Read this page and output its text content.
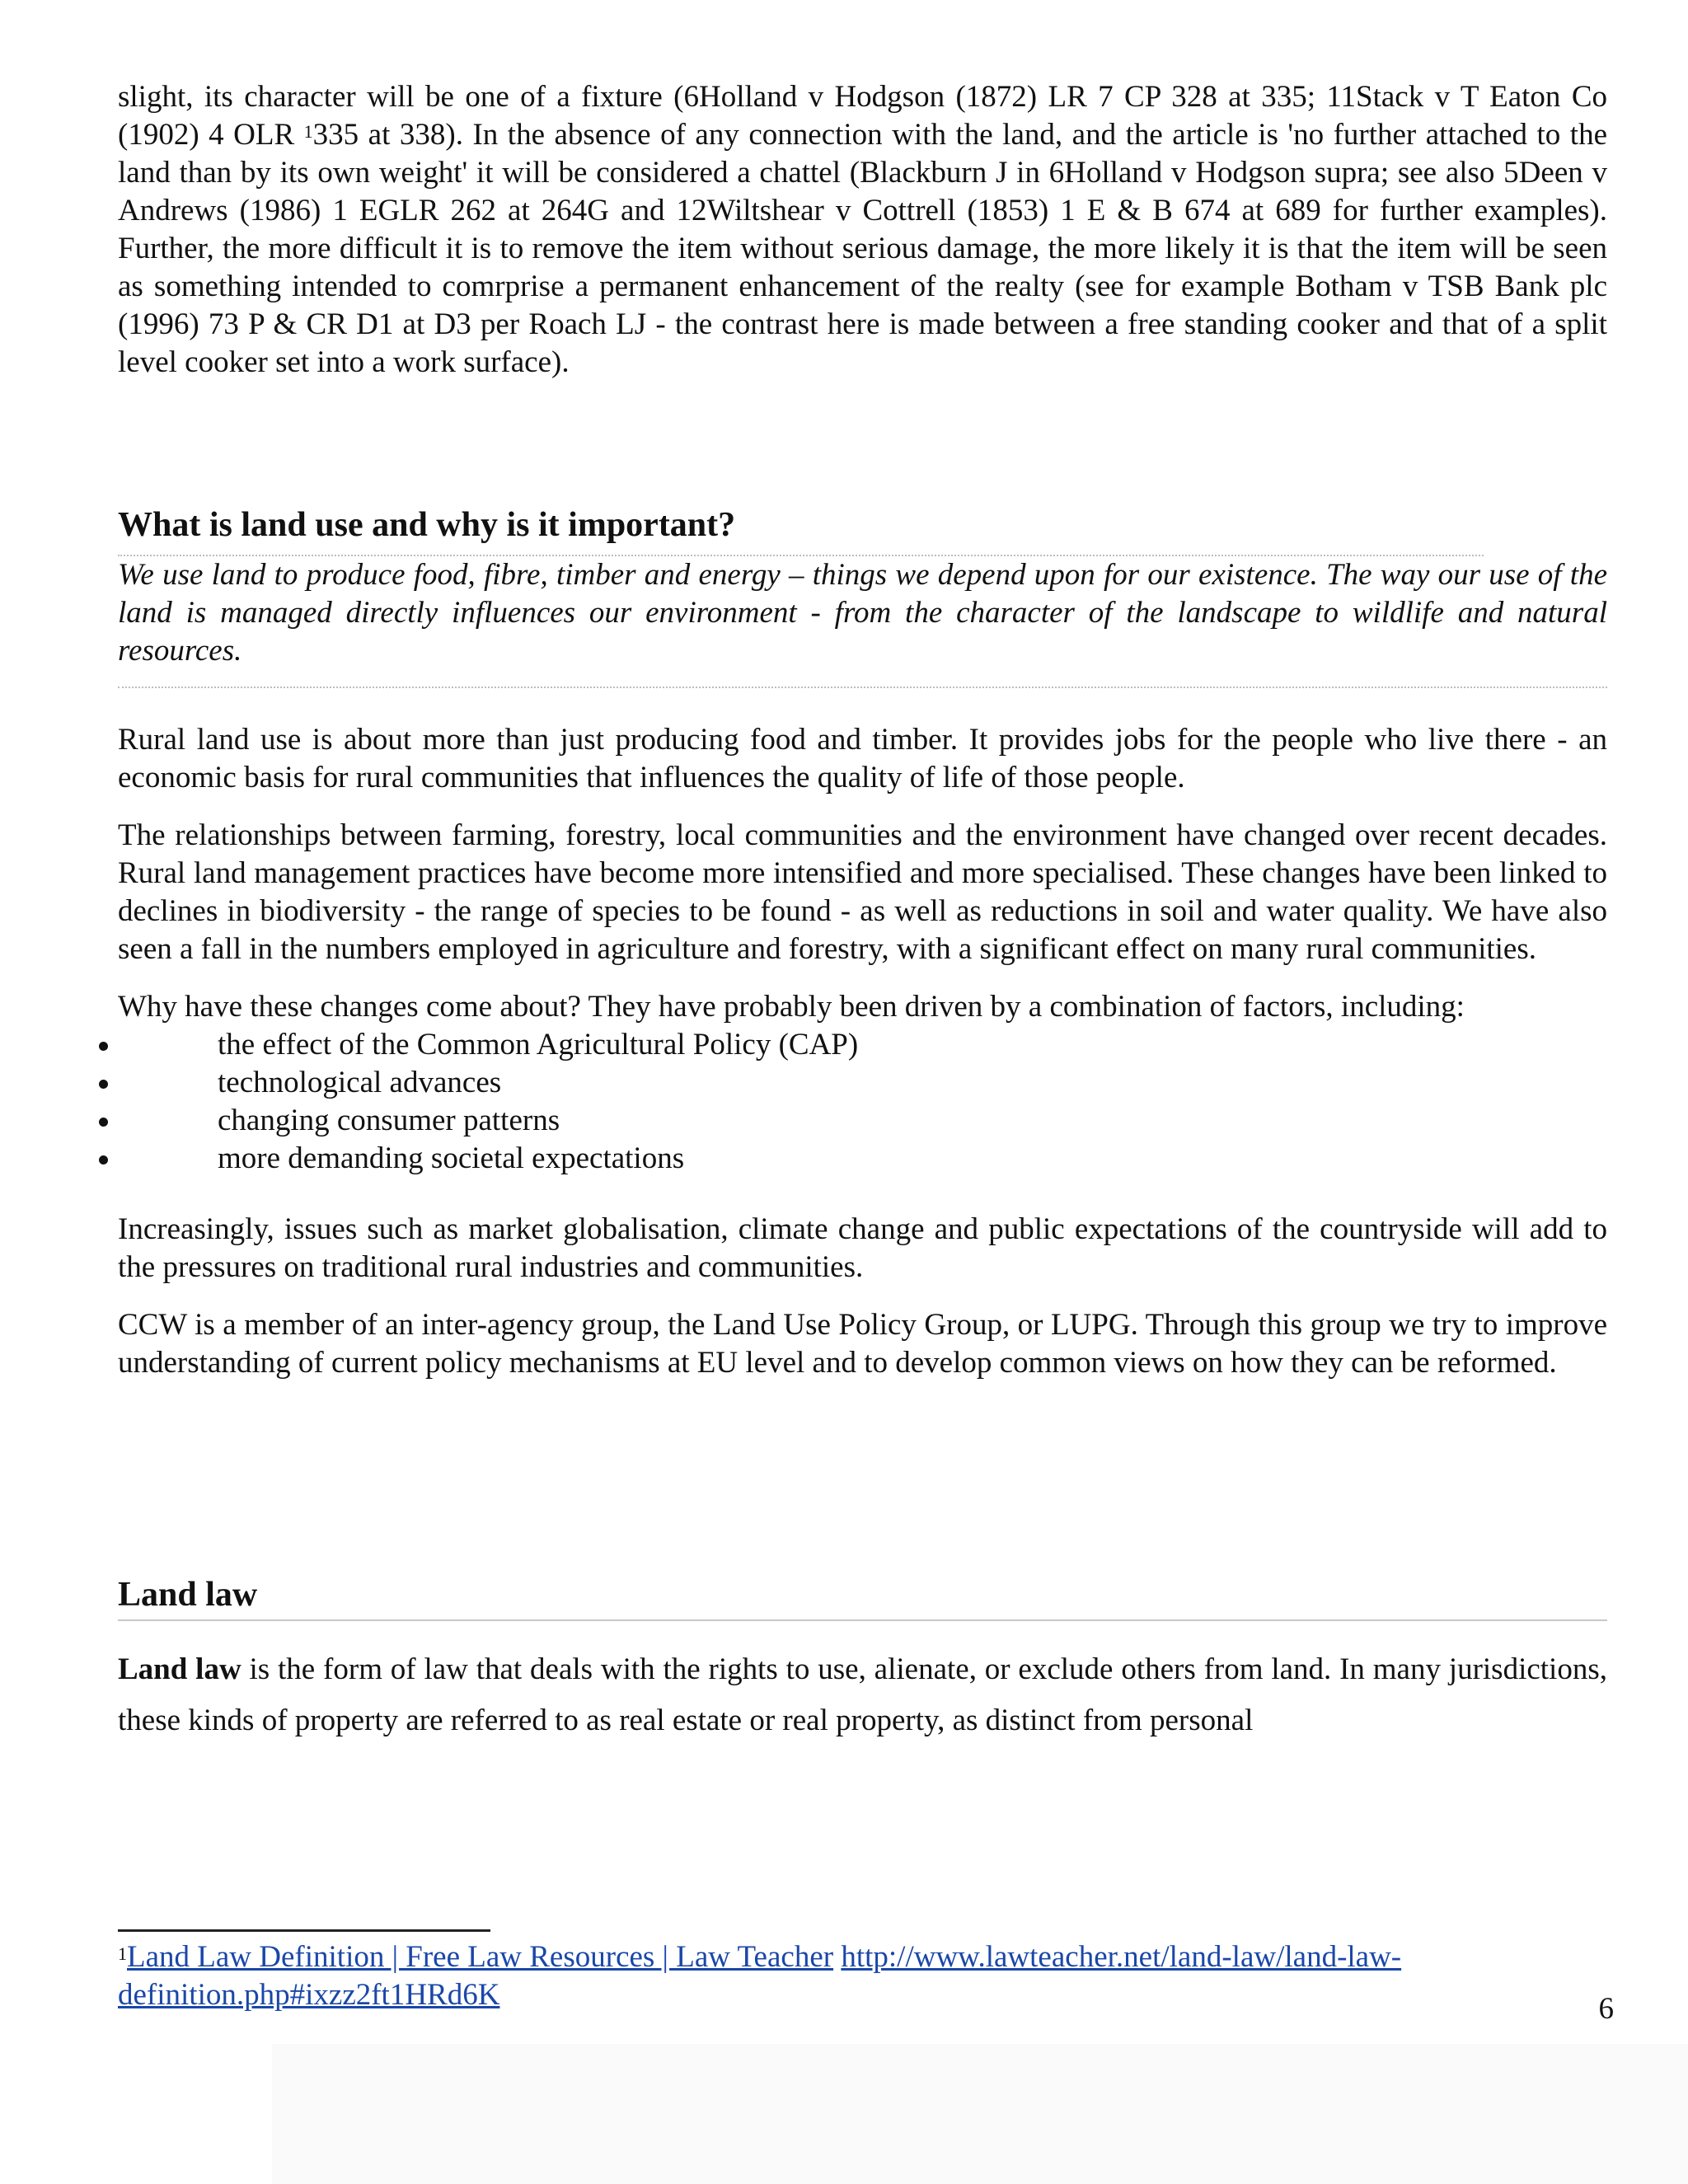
slight, its character will be one of a fixture (6Holland v Hodgson (1872) LR 7 CP 328 at 335; 11Stack v T Eaton Co (1902) 4 OLR $^1$335 at 338). In the absence of any connection with the land, and the article is 'no further attached to the land than by its own weight' it will be considered a chattel (Blackburn J in 6Holland v Hodgson supra; see also 5Deen v Andrews (1986) 1 EGLR 262 at 264G and 12Wiltshear v Cottrell (1853) 1 E & B 674 at 689 for further examples). Further, the more difficult it is to remove the item without serious damage, the more likely it is that the item will be seen as something intended to comrprise a permanent enhancement of the realty (see for example Botham v TSB Bank plc (1996) 73 P & CR D1 at D3 per Roach LJ - the contrast here is made between a free standing cooker and that of a split level cooker set into a work surface).

What is land use and why is it important?

We use land to produce food, fibre, timber and energy – things we depend upon for our existence. The way our use of the land is managed directly influences our environment - from the character of the landscape to wildlife and natural resources.

Rural land use is about more than just producing food and timber. It provides jobs for the people who live there - an economic basis for rural communities that influences the quality of life of those people.

The relationships between farming, forestry, local communities and the environment have changed over recent decades. Rural land management practices have become more intensified and more specialised. These changes have been linked to declines in biodiversity - the range of species to be found - as well as reductions in soil and water quality. We have also seen a fall in the numbers employed in agriculture and forestry, with a significant effect on many rural communities.

Why have these changes come about? They have probably been driven by a combination of factors, including:

the effect of the Common Agricultural Policy (CAP)
technological advances
changing consumer patterns
more demanding societal expectations

Increasingly, issues such as market globalisation, climate change and public expectations of the countryside will add to the pressures on traditional rural industries and communities.

CCW is a member of an inter-agency group, the Land Use Policy Group, or LUPG. Through this group we try to improve understanding of current policy mechanisms at EU level and to develop common views on how they can be reformed.

Land law

Land law is the form of law that deals with the rights to use, alienate, or exclude others from land. In many jurisdictions, these kinds of property are referred to as real estate or real property, as distinct from personal

$^1$Land Law Definition | Free Law Resources | Law Teacher http://www.lawteacher.net/land-law/land-law-definition.php#ixzz2ft1HRd6K	6
